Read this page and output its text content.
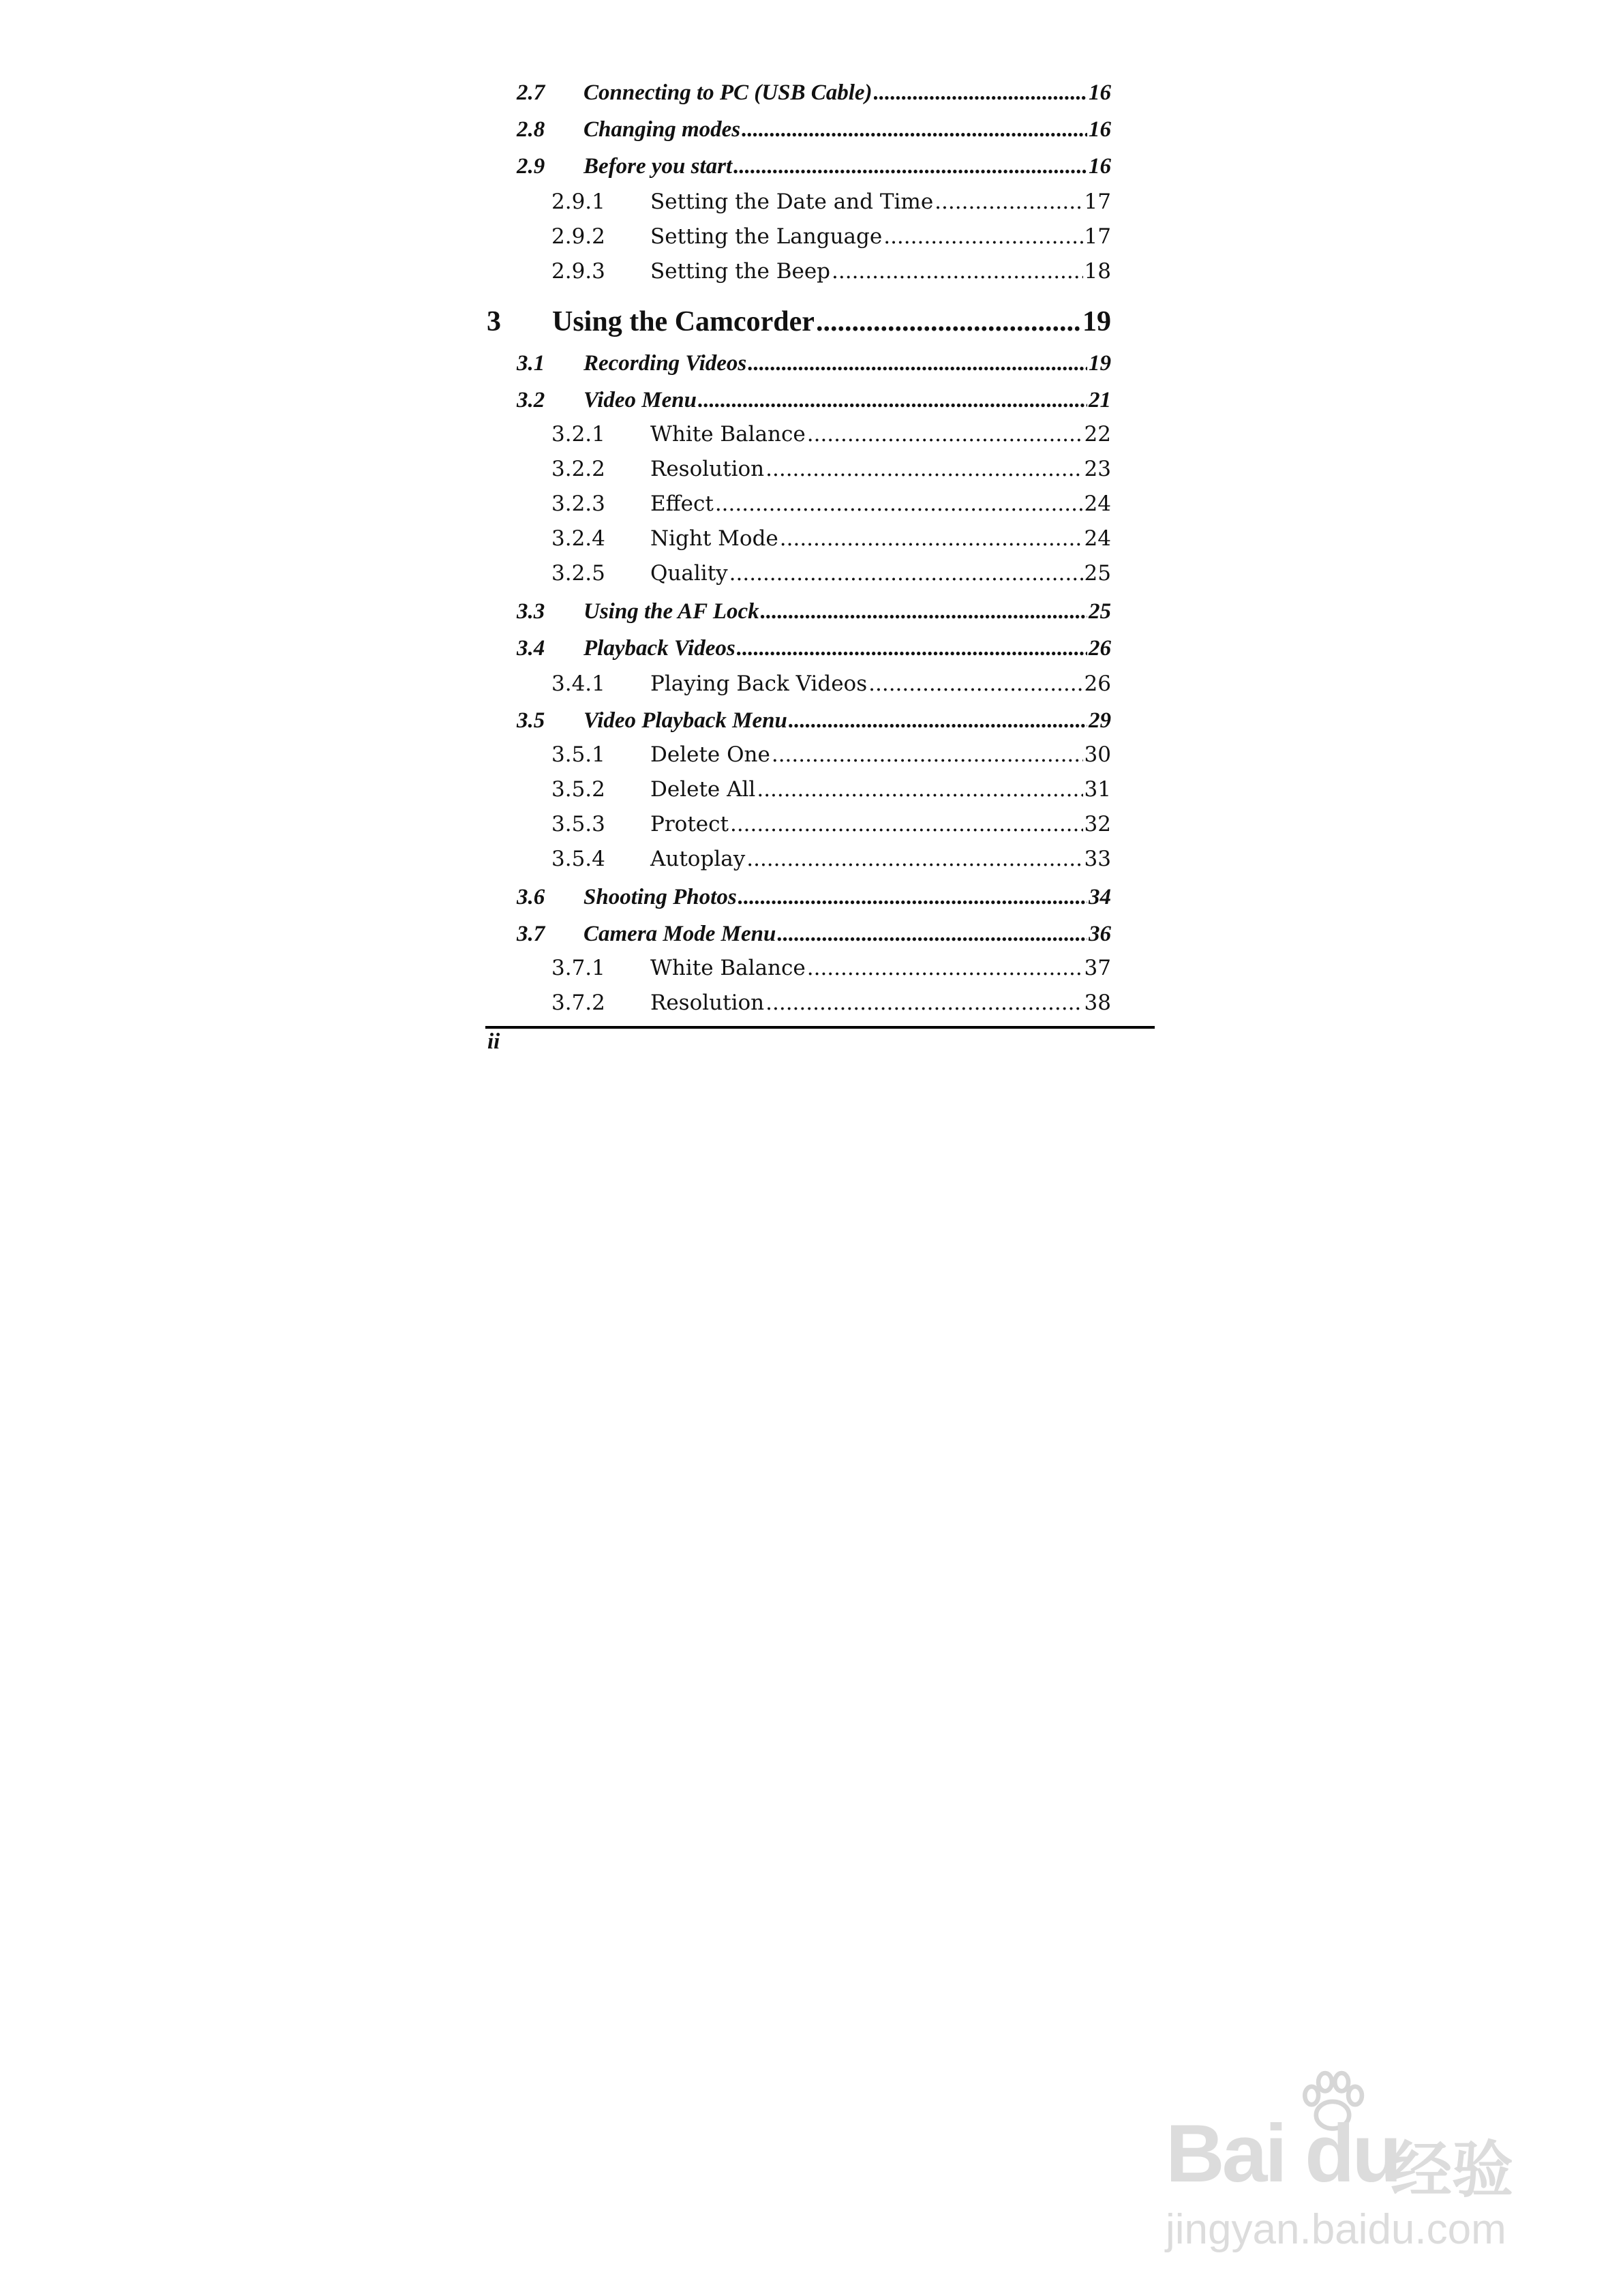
2.7	Connecting to PC (USB Cable) .....	16
2.8	Changing modes .....	16
2.9	Before you start .....	16
2.9.1	Setting the Date and Time .....	17
2.9.2	Setting the Language .....	17
2.9.3	Setting the Beep .....	18
3	Using the Camcorder .....	19
3.1	Recording Videos .....	19
3.2	Video Menu .....	21
3.2.1	White Balance .....	22
3.2.2	Resolution .....	23
3.2.3	Effect .....	24
3.2.4	Night Mode .....	24
3.2.5	Quality .....	25
3.3	Using the AF Lock .....	25
3.4	Playback Videos .....	26
3.4.1	Playing Back Videos .....	26
3.5	Video Playback Menu .....	29
3.5.1	Delete One .....	30
3.5.2	Delete All .....	31
3.5.3	Protect .....	32
3.5.4	Autoplay .....	33
3.6	Shooting Photos .....	34
3.7	Camera Mode Menu .....	36
3.7.1	White Balance .....	37
3.7.2	Resolution .....	38
ii
Bai du
经验
jingyan.baidu.com
